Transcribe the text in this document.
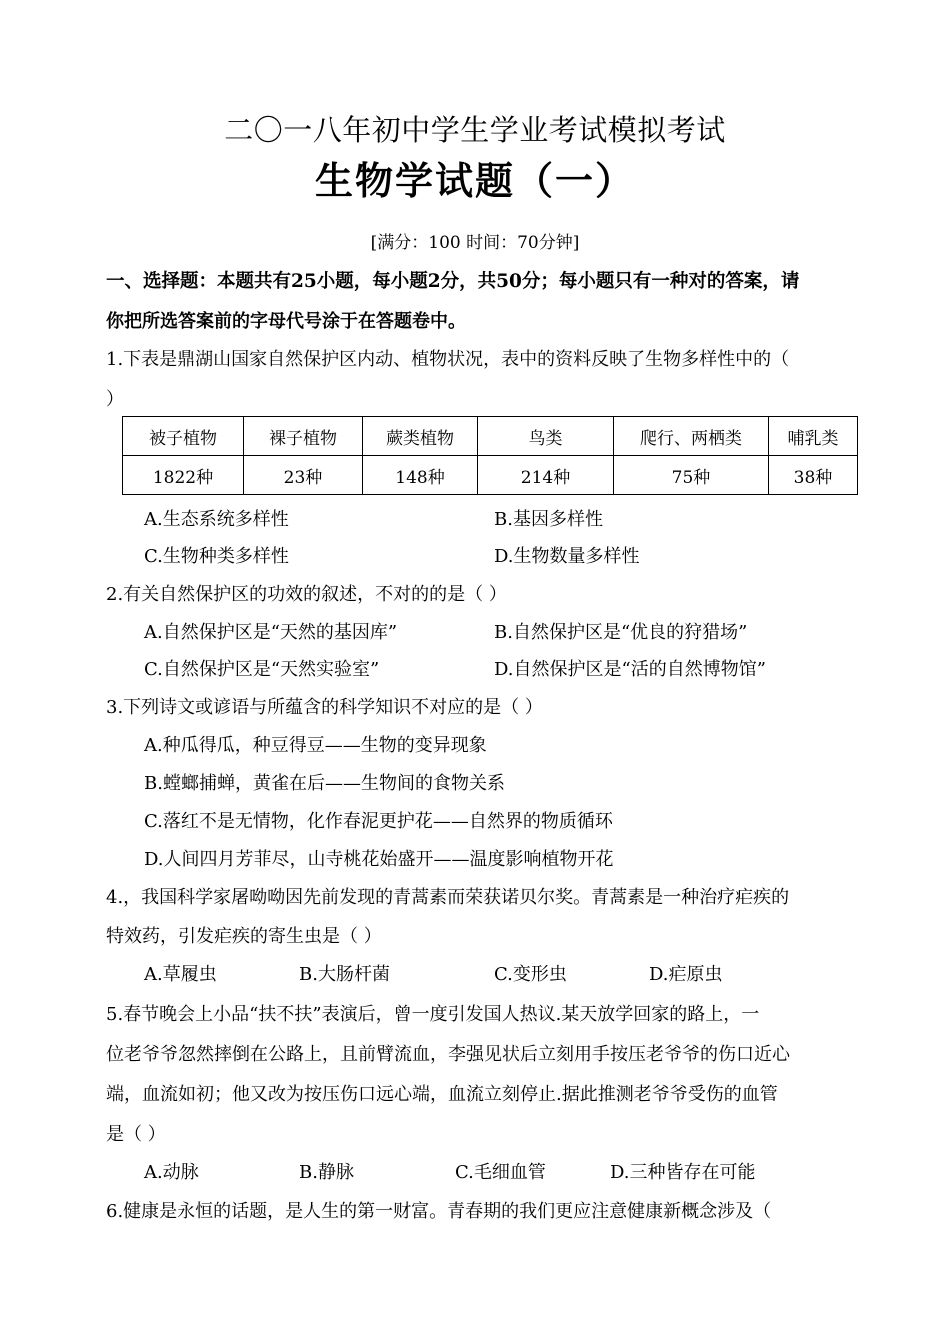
二〇一八年初中学生学业考试模拟考试
生物学试题（一）
[满分：100 时间：70分钟]
一、选择题：本题共有25小题，每小题2分，共50分；每小题只有一种对的答案，请
你把所选答案前的字母代号涂于在答题卷中。
1.下表是鼎湖山国家自然保护区内动、植物状况，表中的资料反映了生物多样性中的（
）
被子植物	裸子植物	蕨类植物	鸟类	爬行、两栖类	哺乳类
1822种	23种	148种	214种	75种	38种
A.生态系统多样性	B.基因多样性
C.生物种类多样性	D.生物数量多样性
2.有关自然保护区的功效的叙述，不对的的是（ ）
A.自然保护区是“天然的基因库”	B.自然保护区是“优良的狩猎场”
C.自然保护区是“天然实验室”	D.自然保护区是“活的自然博物馆”
3.下列诗文或谚语与所蕴含的科学知识不对应的是（ ）
A.种瓜得瓜，种豆得豆——生物的变异现象
B.螳螂捕蝉，黄雀在后——生物间的食物关系
C.落红不是无情物，化作春泥更护花——自然界的物质循环
D.人间四月芳菲尽，山寺桃花始盛开——温度影响植物开花
4.，我国科学家屠呦呦因先前发现的青蒿素而荣获诺贝尔奖。青蒿素是一种治疗疟疾的
特效药，引发疟疾的寄生虫是（ ）
A.草履虫	B.大肠杆菌	C.变形虫	D.疟原虫
5.春节晚会上小品“扶不扶”表演后，曾一度引发国人热议.某天放学回家的路上，一
位老爷爷忽然摔倒在公路上，且前臂流血，李强见状后立刻用手按压老爷爷的伤口近心
端，血流如初；他又改为按压伤口远心端，血流立刻停止.据此推测老爷爷受伤的血管
是（ ）
A.动脉	B.静脉	C.毛细血管	D.三种皆存在可能
6.健康是永恒的话题，是人生的第一财富。青春期的我们更应注意健康新概念涉及（
